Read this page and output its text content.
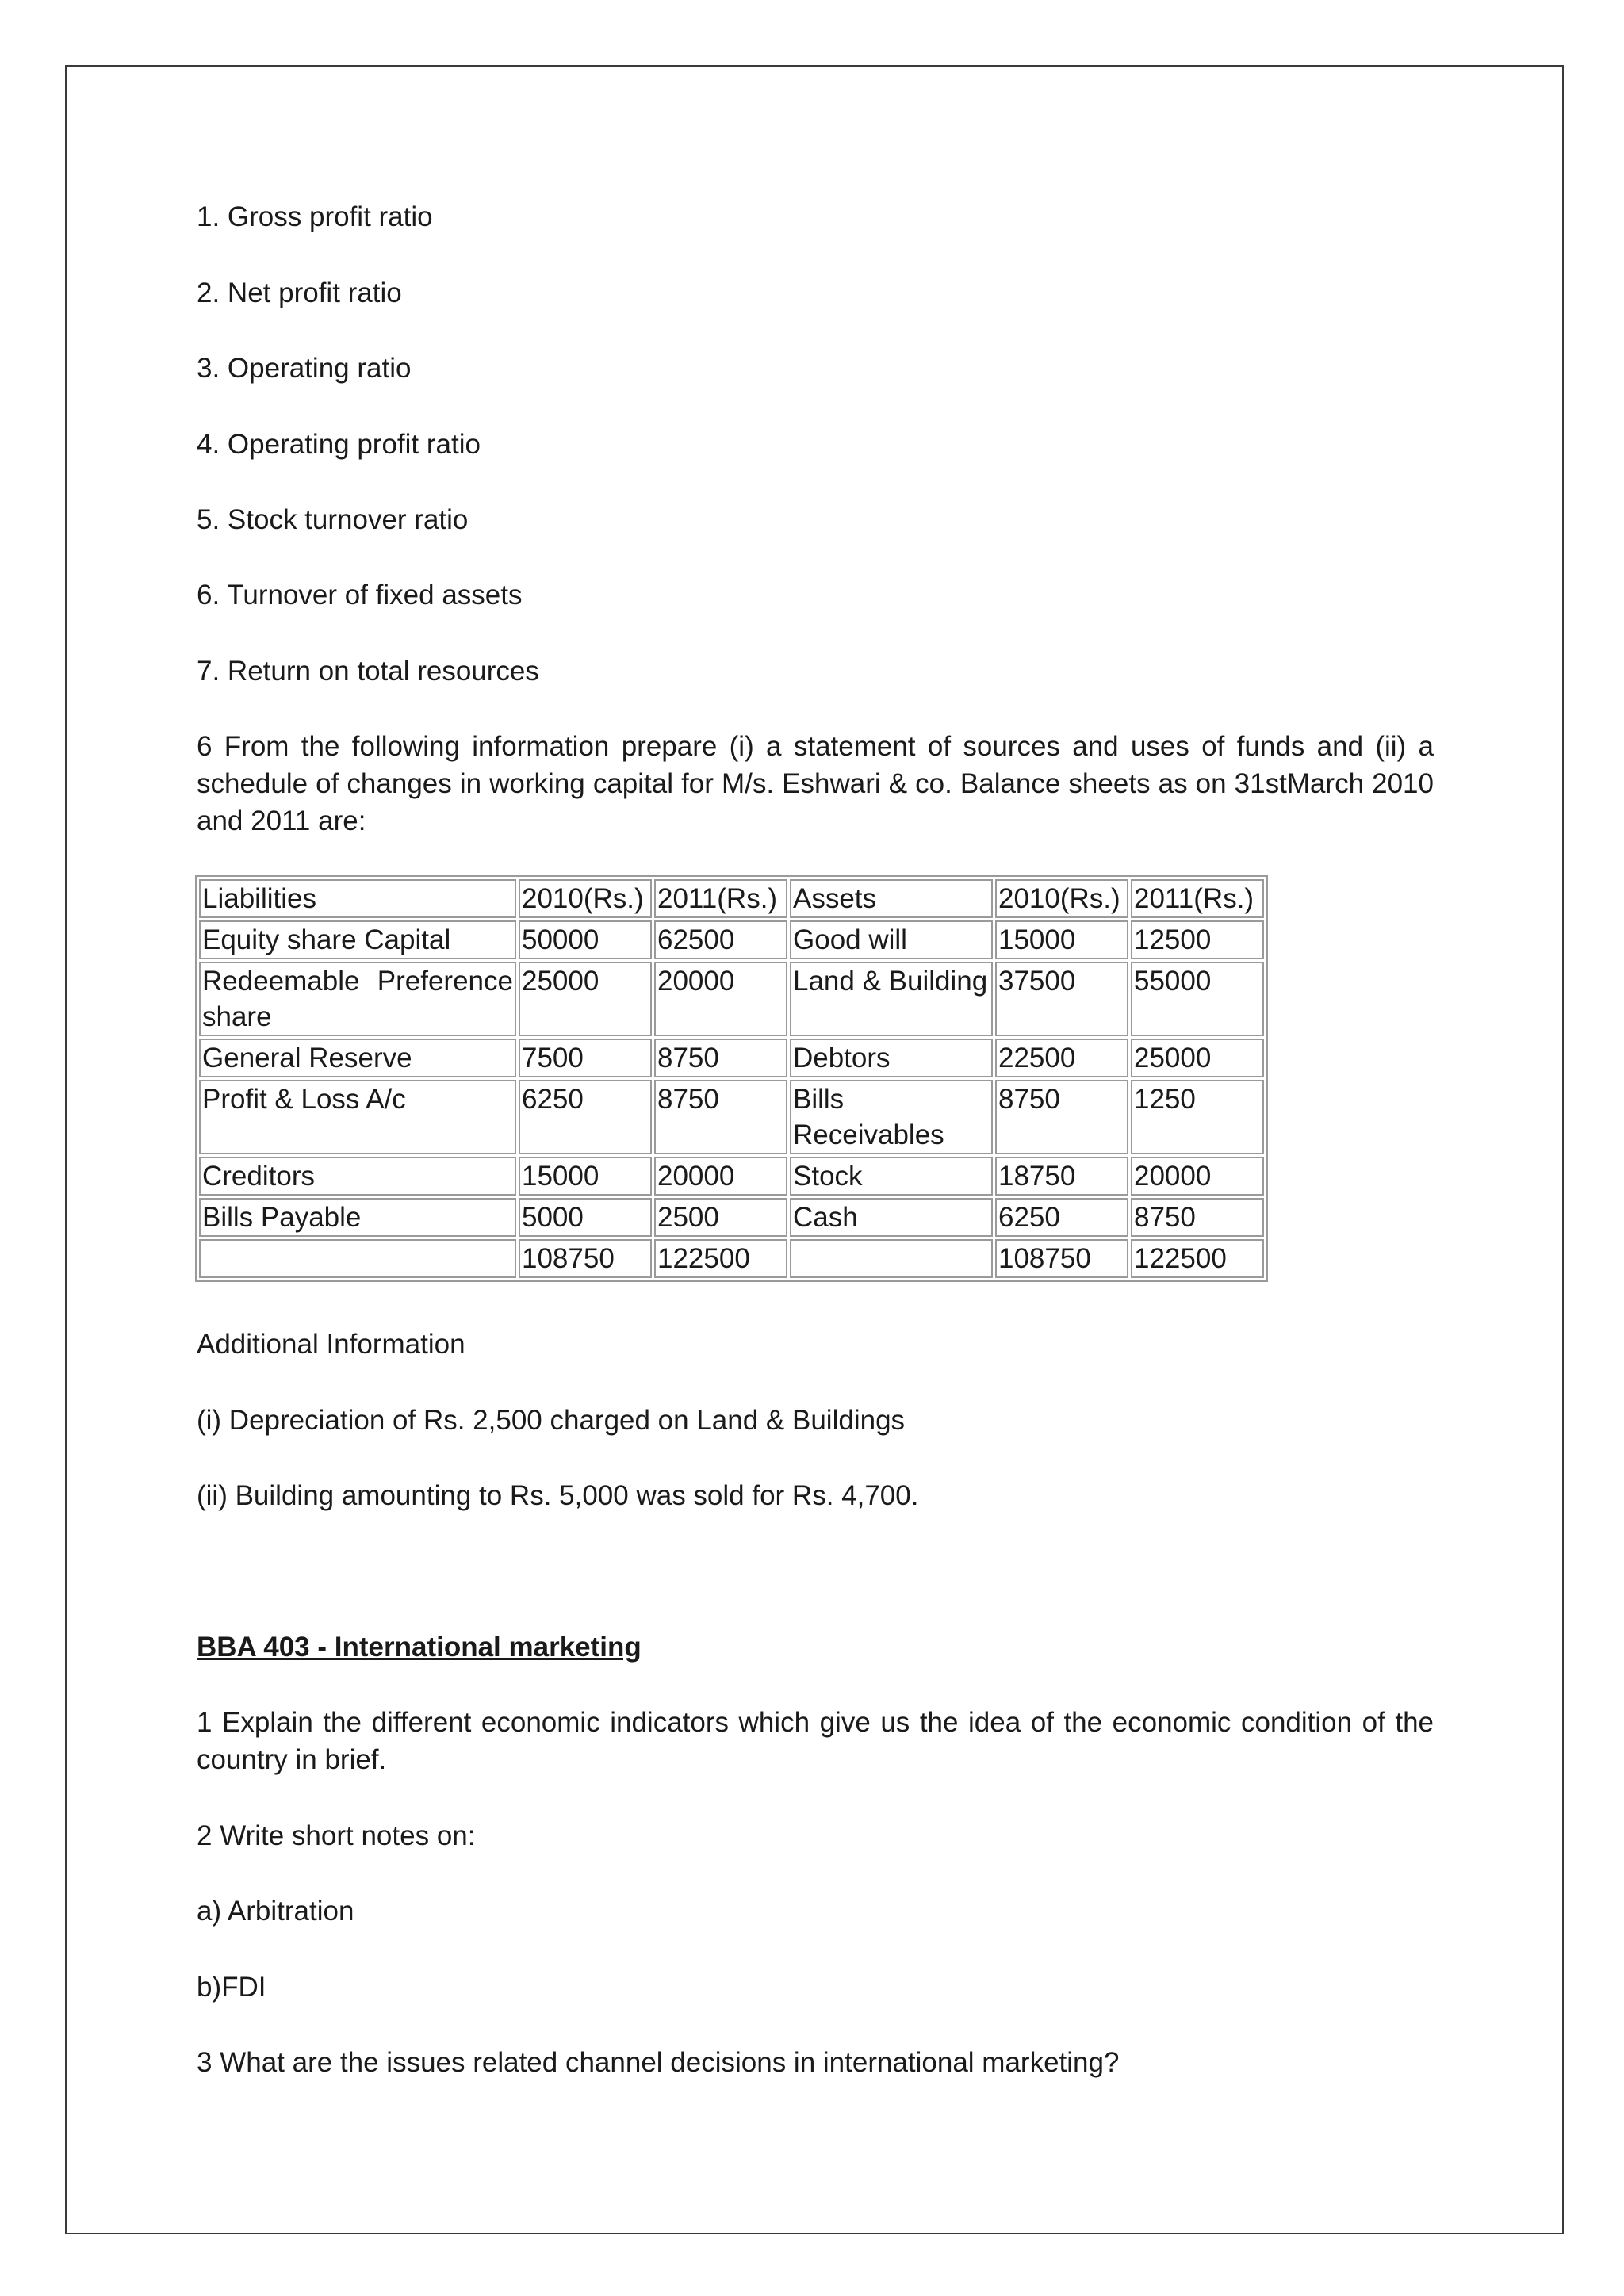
1. Gross profit ratio
2. Net profit ratio
3. Operating ratio
4. Operating profit ratio
5. Stock turnover ratio
6. Turnover of fixed assets
7. Return on total resources
6 From the following information prepare (i) a statement of sources and uses of funds and (ii) a schedule of changes in working capital for M/s. Eshwari & co. Balance sheets as on 31stMarch 2010 and 2011 are:
Additional Information
(i) Depreciation of Rs. 2,500 charged on Land & Buildings
(ii) Building amounting to Rs. 5,000 was sold for Rs. 4,700.
BBA 403 - International marketing
1 Explain the different economic indicators which give us the idea of the economic condition of the country in brief.
2 Write short notes on:
a) Arbitration
b)FDI
3 What are the issues related channel decisions in international marketing?
Liabilities	2010(Rs.)	2011(Rs.)	Assets	2010(Rs.)	2011(Rs.)
Equity share Capital	50000	62500	Good will	15000	12500

Redeemable Preference share	25000	20000	Land & Building	37500	55000
General Reserve	7500	8750	Debtors	22500	25000
Profit & Loss A/c	6250	8750	Bills Receivables	8750	1250
Creditors	15000	20000	Stock	18750	20000
Bills Payable	5000	2500	Cash	6250	8750
	108750	122500		108750	122500
